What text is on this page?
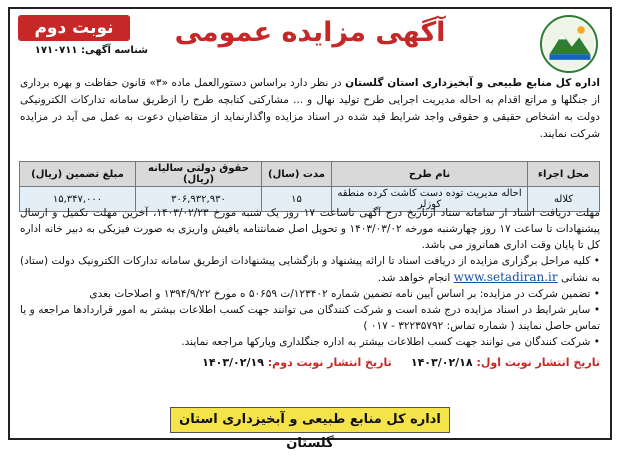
نوبت دوم
شناسه آگهی: ۱۷۱۰۷۱۱
آگهی مزایده عمومی
اداره کل منابع طبیعی و آبخیزداری استان گلستان در نظر دارد براساس دستورالعمل ماده «۳» قانون حفاظت و بهره برداری از جنگلها و مراتع اقدام به احاله مدیریت اجرایی طرح تولید نهال و ... مشارکتی کتابچه طرح را ازطریق سامانه تدارکات الکترونیکی دولت به اشخاص حقیقی و حقوقی واجد شرایط قید شده در اسناد مزایده واگذارنماید از متقاضیان دعوت به عمل می آید در مزایده شرکت نمایند.
محل اجراء	نام طرح	مدت (سال)	حقوق دولتی سالیانه (ریال)	مبلغ تضمین (ریال)
کلاله	احاله مدیریت توده دست کاشت کرده منطقه کوزلر	۱۵	۳۰۶,۹۳۲,۹۳۰	۱۵,۳۴۷,۰۰۰

مهلت دریافت اسناد از سامانه ستاد ازتاریخ درج آگهی تاساعت ۱۷ روز یک شنبه مورخ ۱۴۰۳/۰۲/۲۳، آخرین مهلت تکمیل و ارسال پیشنهادات تا ساعت ۱۷ روز چهارشنبه مورخه ۱۴۰۳/۰۳/۰۲ و تحویل اصل ضمانتنامه یافیش واریزی به صورت فیزیکی به دبیر خانه اداره کل تا پایان وقت اداری همانروز می باشد.

• کلیه مراحل برگزاری مزایده از دریافت اسناد تا ارائه پیشنهاد و بازگشایی پیشنهادات ازطریق سامانه تدارکات الکترونیک دولت (ستاد) به نشانی www.setadiran.ir انجام خواهد شد.

• تضمین شرکت در مزایده: بر اساس آیین نامه تضمین شماره ۱۲۳۴۰۲/ت ۵۰۶۵۹ ه مورخ ۱۳۹۴/۹/۲۲ و اصلاحات بعدی

• سایر شرایط در اسناد مزایده درج شده است و شرکت کنندگان می توانند جهت کسب اطلاعات بیشتر به امور قراردادها مراجعه و یا تماس حاصل نمایند ( شماره تماس: ۳۲۲۳۵۷۹۲ - ۰۱۷ )

• شرکت کنندگان می توانند جهت کسب اطلاعات بیشتر به اداره جنگلداری ویارکها مراجعه نمایند.

تاریخ انتشار نوبت اول: ۱۴۰۳/۰۲/۱۸     تاریخ انتشار نوبت دوم: ۱۴۰۳/۰۲/۱۹
اداره کل منابع طبیعی و آبخیزداری استان گلستان
